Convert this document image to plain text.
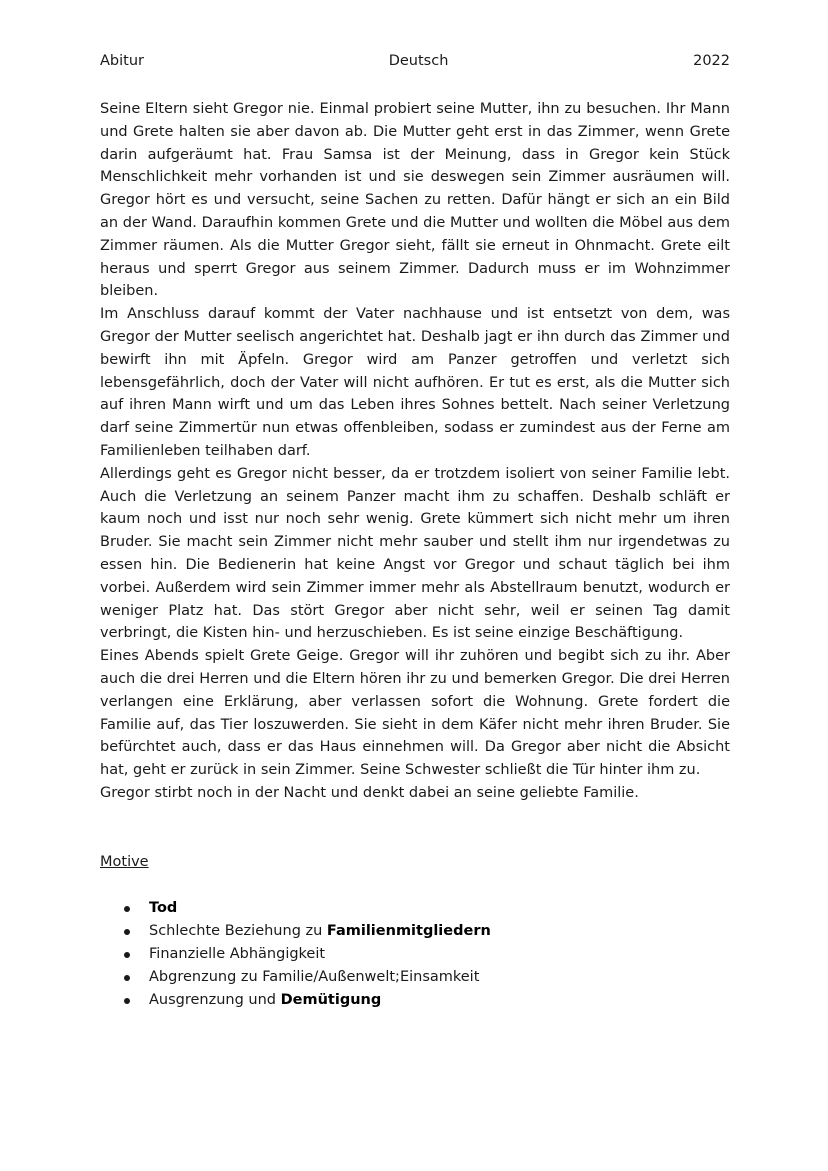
Abitur	Deutsch	2022

Seine Eltern sieht Gregor nie. Einmal probiert seine Mutter, ihn zu besuchen. Ihr Mann und Grete halten sie aber davon ab. Die Mutter geht erst in das Zimmer, wenn Grete darin aufgeräumt hat. Frau Samsa ist der Meinung, dass in Gregor kein Stück Menschlichkeit mehr vorhanden ist und sie deswegen sein Zimmer ausräumen will. Gregor hört es und versucht, seine Sachen zu retten. Dafür hängt er sich an ein Bild an der Wand. Daraufhin kommen Grete und die Mutter und wollten die Möbel aus dem Zimmer räumen. Als die Mutter Gregor sieht, fällt sie erneut in Ohnmacht. Grete eilt heraus und sperrt Gregor aus seinem Zimmer. Dadurch muss er im Wohnzimmer bleiben.

Im Anschluss darauf kommt der Vater nachhause und ist entsetzt von dem, was Gregor der Mutter seelisch angerichtet hat. Deshalb jagt er ihn durch das Zimmer und bewirft ihn mit Äpfeln. Gregor wird am Panzer getroffen und verletzt sich lebensgefährlich, doch der Vater will nicht aufhören. Er tut es erst, als die Mutter sich auf ihren Mann wirft und um das Leben ihres Sohnes bettelt. Nach seiner Verletzung darf seine Zimmertür nun etwas offenbleiben, sodass er zumindest aus der Ferne am Familienleben teilhaben darf.

Allerdings geht es Gregor nicht besser, da er trotzdem isoliert von seiner Familie lebt. Auch die Verletzung an seinem Panzer macht ihm zu schaffen. Deshalb schläft er kaum noch und isst nur noch sehr wenig. Grete kümmert sich nicht mehr um ihren Bruder. Sie macht sein Zimmer nicht mehr sauber und stellt ihm nur irgendetwas zu essen hin. Die Bedienerin hat keine Angst vor Gregor und schaut täglich bei ihm vorbei. Außerdem wird sein Zimmer immer mehr als Abstellraum benutzt, wodurch er weniger Platz hat. Das stört Gregor aber nicht sehr, weil er seinen Tag damit verbringt, die Kisten hin- und herzuschieben. Es ist seine einzige Beschäftigung.

Eines Abends spielt Grete Geige. Gregor will ihr zuhören und begibt sich zu ihr. Aber auch die drei Herren und die Eltern hören ihr zu und bemerken Gregor. Die drei Herren verlangen eine Erklärung, aber verlassen sofort die Wohnung. Grete fordert die Familie auf, das Tier loszuwerden. Sie sieht in dem Käfer nicht mehr ihren Bruder. Sie befürchtet auch, dass er das Haus einnehmen will. Da Gregor aber nicht die Absicht hat, geht er zurück in sein Zimmer. Seine Schwester schließt die Tür hinter ihm zu.

Gregor stirbt noch in der Nacht und denkt dabei an seine geliebte Familie.

Motive

Tod
Schlechte Beziehung zu Familienmitgliedern
Finanzielle Abhängigkeit
Abgrenzung zu Familie/Außenwelt;Einsamkeit
Ausgrenzung und Demütigung
